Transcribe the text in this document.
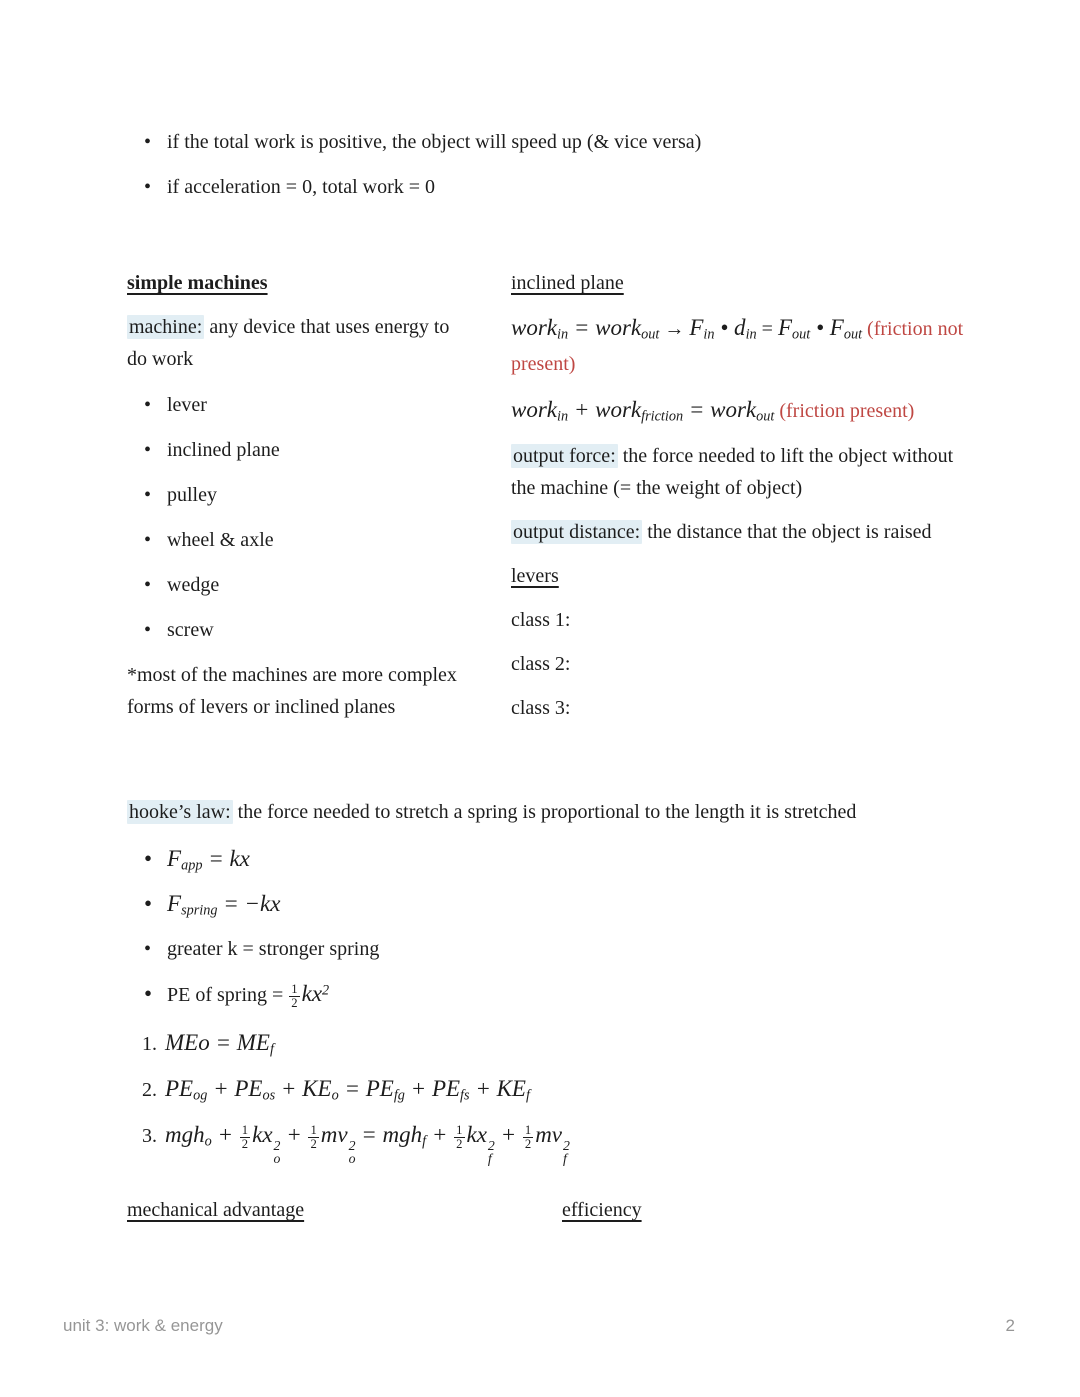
• if the total work is positive, the object will speed up (& vice versa)
• if acceleration = 0, total work = 0
simple machines

machine: any device that uses energy to do work

• lever
• inclined plane
• pulley
• wheel & axle
• wedge
• screw

*most of the machines are more complex forms of levers or inclined planes

inclined plane

work$_{in}$ = work$_{out}$ → $F_{in}$ • $d_{in} = F_{out}$ • $F_{out}$ (friction not present)

work$_{in}$ + work$_{friction}$ = work$_{out}$ (friction present)

output force: the force needed to lift the object without the machine (= the weight of object)

output distance: the distance that the object is raised

levers

class 1:

class 2:

class 3:

hooke’s law: the force needed to stretch a spring is proportional to the length it is stretched

• $F_{app}$ = kx
• $F_{spring} = -kx$
• greater k = stronger spring
• PE of spring = $\frac{1}{2} kx^2$
1. MEo = $ME_f$
2. $PE_{og} + PE_{os} + KE_o = PE_{fg} + PE_{fs} + KE_f$
3. $mgh_o + \frac{1}{2}$ kx 2
o
+ $\frac{1}{2}$ mv 2
o
= $mgh_f + \frac{1}{2}$ kx 2
f
+ $\frac{1}{2}$ mv 2
f
mechanical advantage	efficiency
unit 3: work & energy	2
